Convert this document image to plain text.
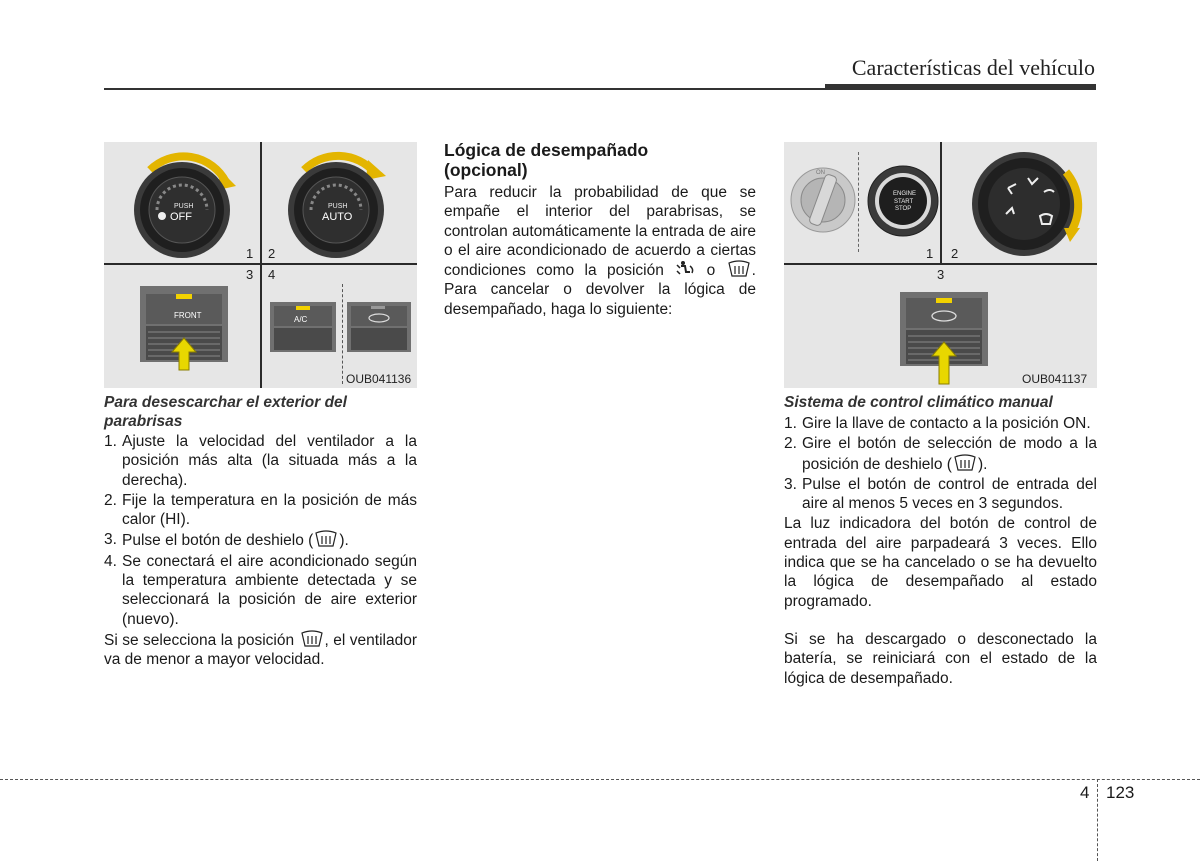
Características del vehículo
PUSH
OFF
PUSH
AUTO
1 2
3 4
FRONT	A/C
OUB041136
Para desescarchar el exterior del parabrisas
1. Ajuste la velocidad del ventilador a la posición más alta (la situada más a la derecha).
2. Fije la temperatura en la posición de más calor (HI).
3. Pulse el botón de deshielo ( ).
4. Se conectará el aire acondicionado según la temperatura ambiente detectada y se seleccionará la posición de aire exterior (nuevo).

Si se selecciona la posición , el ventilador va de menor a mayor velocidad.

Lógica de desempañado
(opcional)

Para reducir la probabilidad de que se empañe el interior del parabrisas, se controlan automáticamente la entrada de aire o el aire acondicionado de acuerdo a ciertas condiciones como la posición	o . Para cancelar o devolver la lógica de desempañado, haga lo siguiente:

ON
ENGINE
START
STOP
1 2
3
OUB041137
Sistema de control climático manual
1. Gire la llave de contacto a la posición ON.
2. Gire el botón de selección de modo a la posición de deshielo ( ).
3. Pulse el botón de control de entrada del aire al menos 5 veces en 3 segundos.

La luz indicadora del botón de control de entrada del aire parpadeará 3 veces. Ello indica que se ha cancelado o se ha devuelto la lógica de desempañado al estado programado.

Si se ha descargado o desconectado la batería, se reiniciará con el estado de la lógica de desempañado.

4 123
